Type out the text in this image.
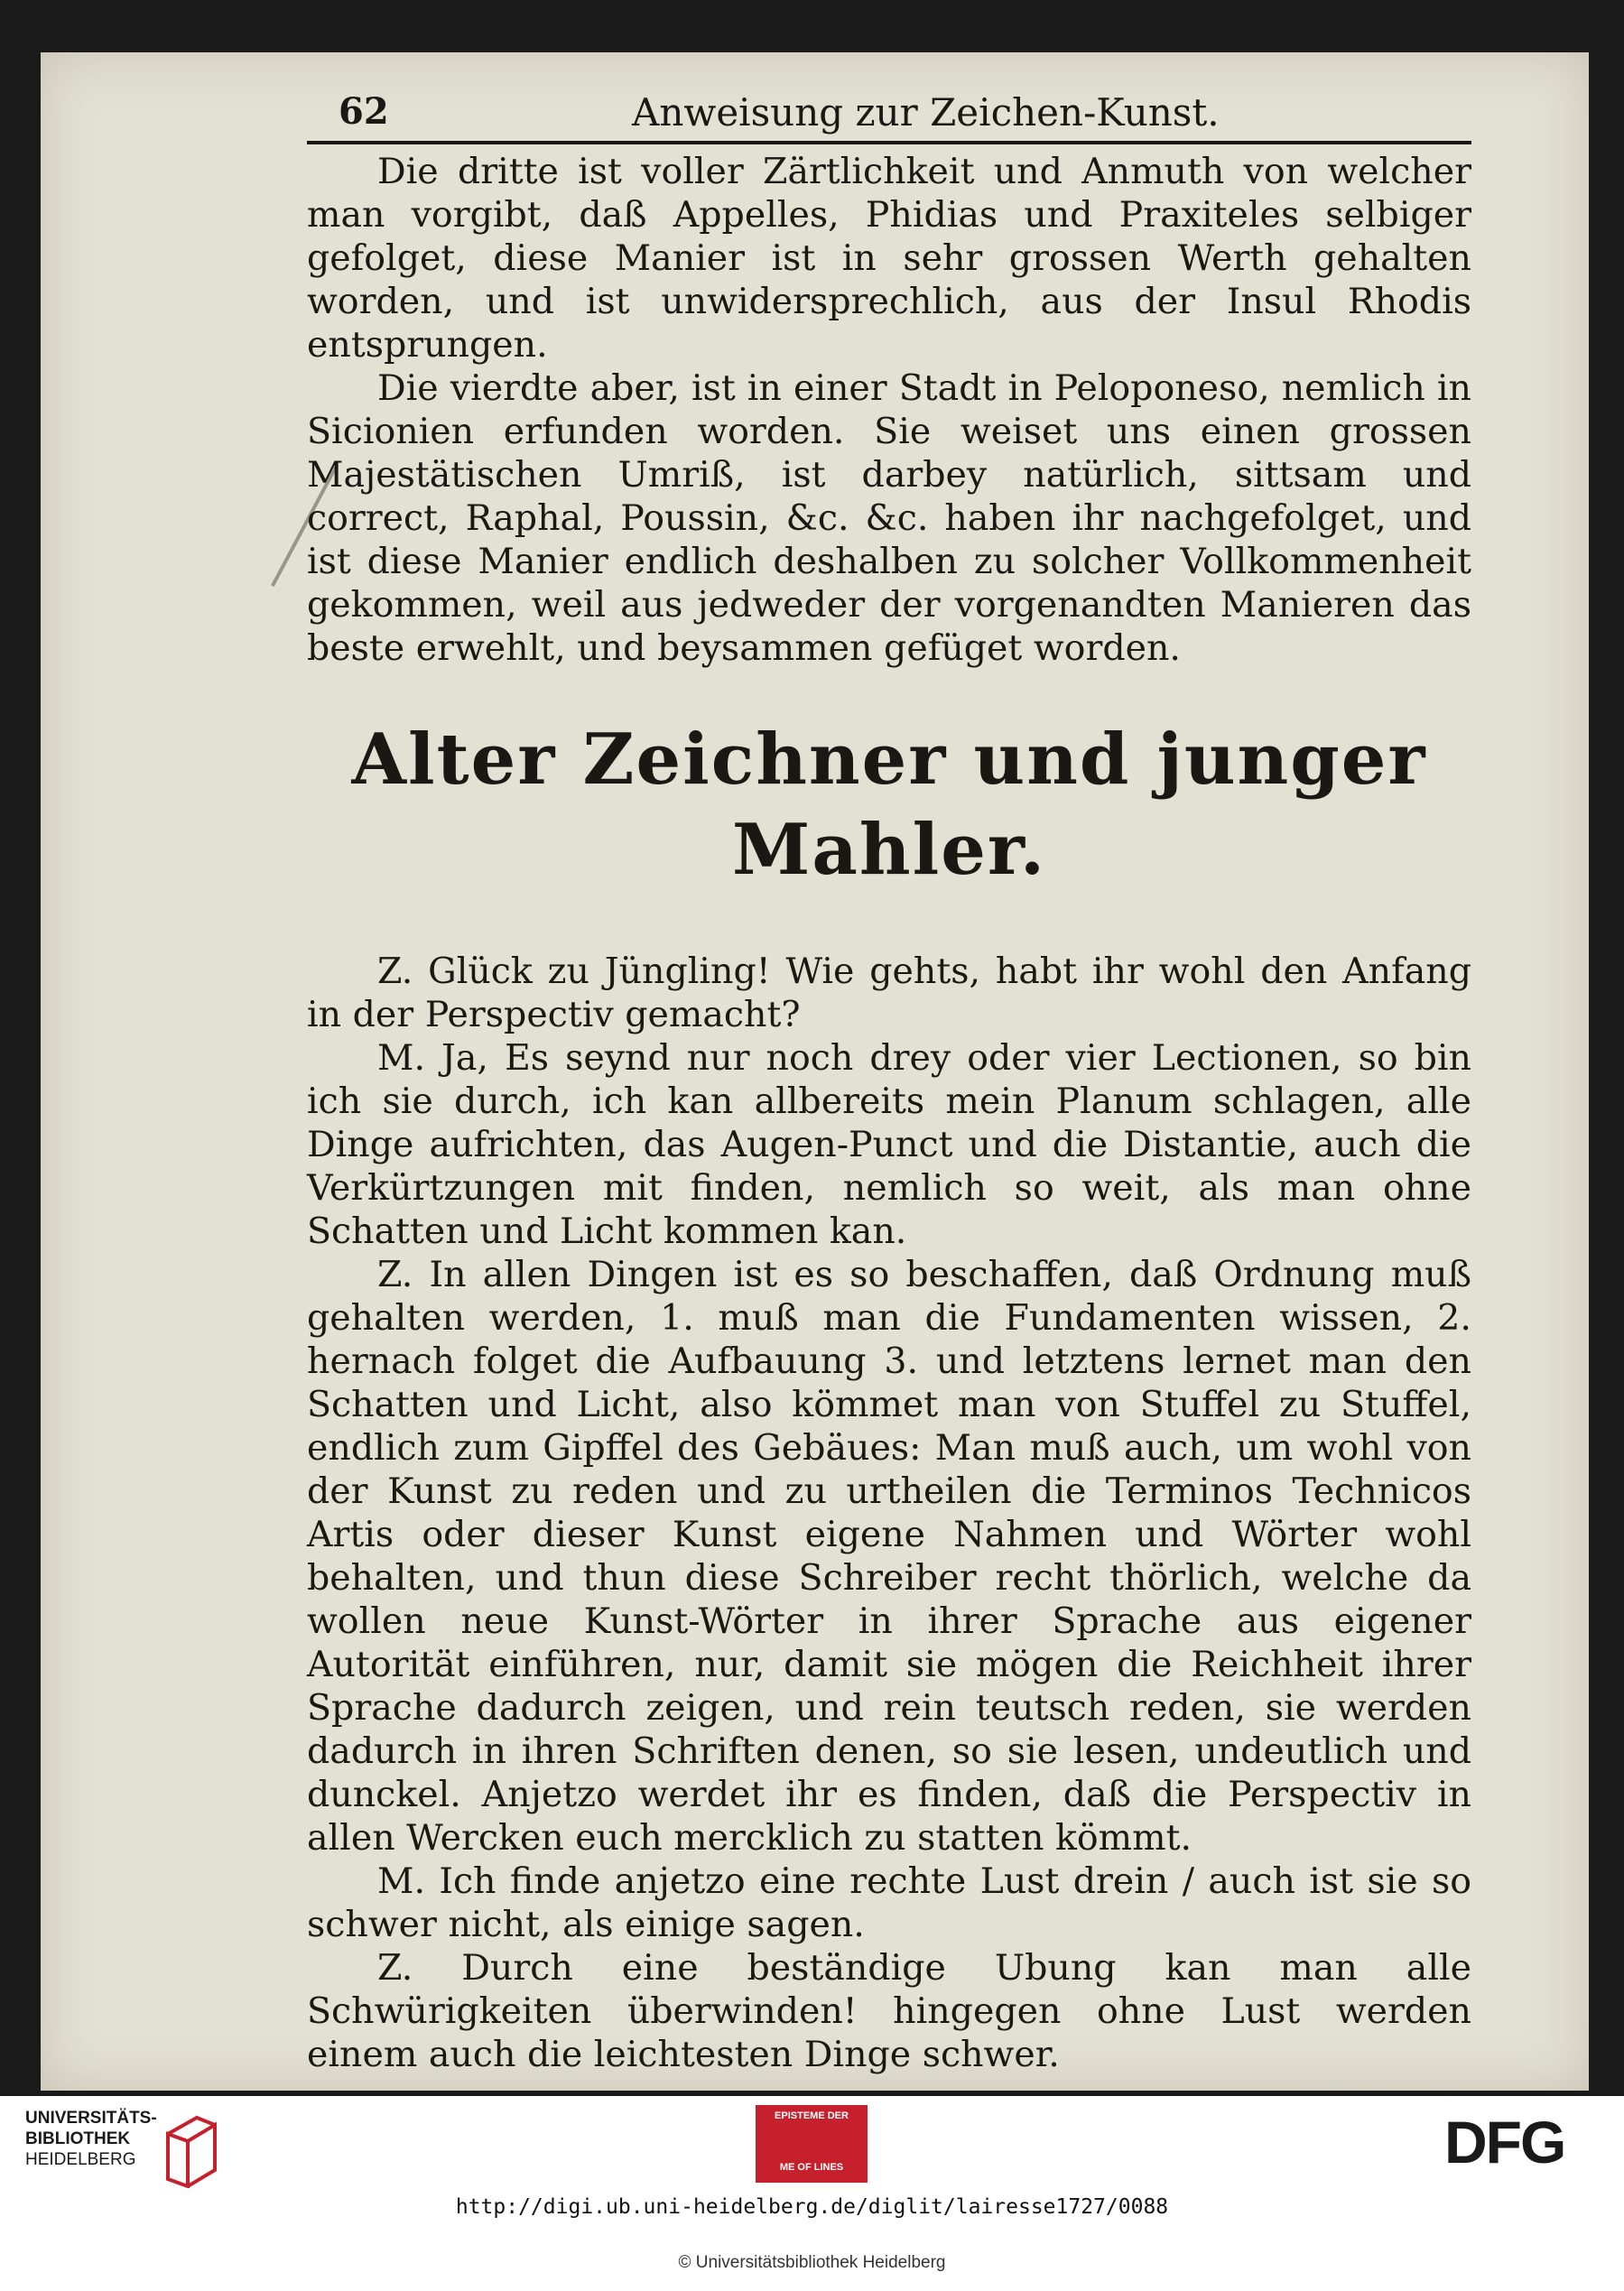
62	Anweisung zur Zeichen-Kunst.

Die dritte ist voller Zärtlichkeit und Anmuth von welcher man vorgibt, daß Appelles, Phidias und Praxiteles selbiger gefolget, diese Manier ist in sehr grossen Werth gehalten worden, und ist unwidersprechlich, aus der Insul Rhodis entsprungen.

Die vierdte aber, ist in einer Stadt in Peloponeso, nemlich in Sicionien erfunden worden. Sie weiset uns einen grossen Majestätischen Umriß, ist darbey natürlich, sittsam und correct, Raphal, Poussin, &c. &c. haben ihr nachgefolget, und ist diese Manier endlich deshalben zu solcher Vollkommenheit gekommen, weil aus jedweder der vorgenandten Manieren das beste erwehlt, und beysammen gefüget worden.

Alter Zeichner und junger Mahler.

Z. Glück zu Jüngling! Wie gehts, habt ihr wohl den Anfang in der Perspectiv gemacht?

M. Ja, Es seynd nur noch drey oder vier Lectionen, so bin ich sie durch, ich kan allbereits mein Planum schlagen, alle Dinge aufrichten, das Augen-Punct und die Distantie, auch die Verkürtzungen mit finden, nemlich so weit, als man ohne Schatten und Licht kommen kan.

Z. In allen Dingen ist es so beschaffen, daß Ordnung muß gehalten werden, 1. muß man die Fundamenten wissen, 2. hernach folget die Aufbauung 3. und letztens lernet man den Schatten und Licht, also kömmet man von Stuffel zu Stuffel, endlich zum Gipffel des Gebäues: Man muß auch, um wohl von der Kunst zu reden und zu urtheilen die Terminos Technicos Artis oder dieser Kunst eigene Nahmen und Wörter wohl behalten, und thun diese Schreiber recht thörlich, welche da wollen neue Kunst-Wörter in ihrer Sprache aus eigener Autorität einführen, nur, damit sie mögen die Reichheit ihrer Sprache dadurch zeigen, und rein teutsch reden, sie werden dadurch in ihren Schriften denen, so sie lesen, undeutlich und dunckel. Anjetzo werdet ihr es finden, daß die Perspectiv in allen Wercken euch mercklich zu statten kömmt.

M. Ich finde anjetzo eine rechte Lust drein / auch ist sie so schwer nicht, als einige sagen.

Z. Durch eine beständige Ubung kan man alle Schwürigkeiten überwinden! hingegen ohne Lust werden einem auch die leichtesten Dinge schwer.

UNIVERSITÄTS-
BIBLIOTHEK
HEIDELBERG
EPISTEME DER
ME OF LINES	DFG
http://digi.ub.uni-heidelberg.de/diglit/lairesse1727/0088
© Universitätsbibliothek Heidelberg
